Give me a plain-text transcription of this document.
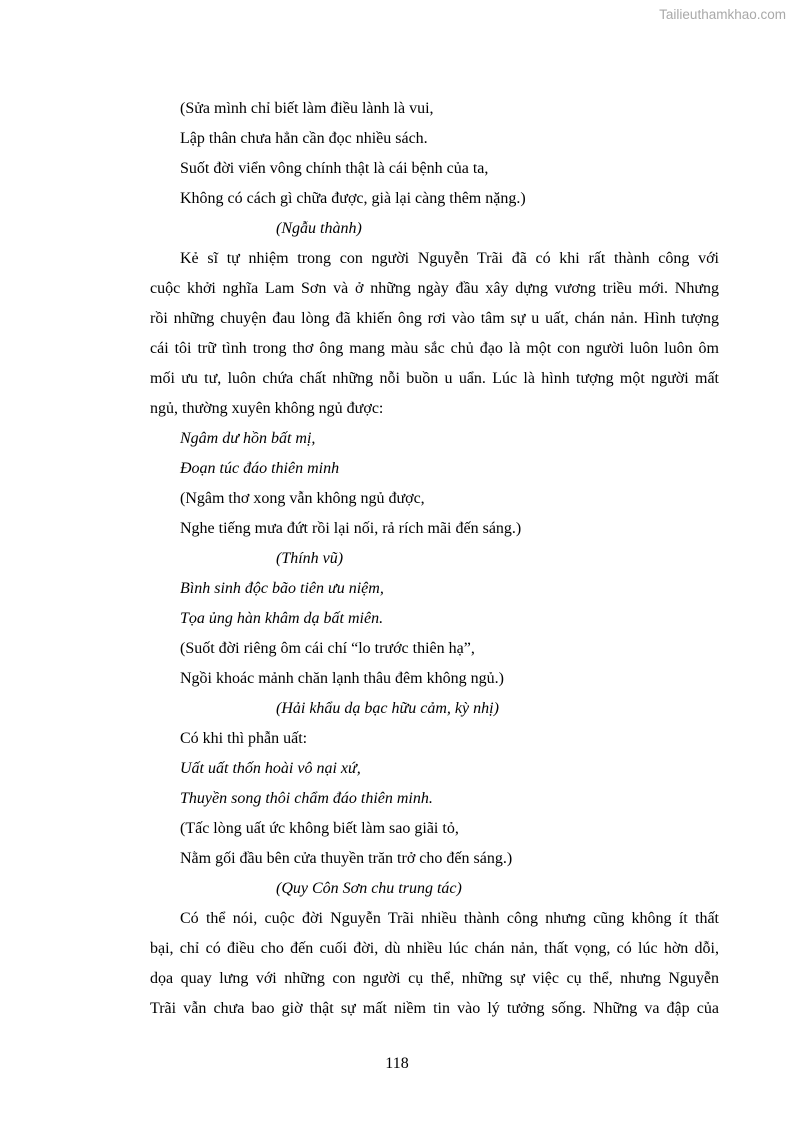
Tailieuthamkhao.com
(Sửa mình chỉ biết làm điều lành là vui,
Lập thân chưa hẳn cần đọc nhiều sách.
Suốt đời viển vông chính thật là cái bệnh của ta,
Không có cách gì chữa được, già lại càng thêm nặng.)
(Ngẫu thành)
Kẻ sĩ tự nhiệm trong con người Nguyễn Trãi đã có khi rất thành công với
cuộc khởi nghĩa Lam Sơn và ở những ngày đầu xây dựng vương triều mới. Nhưng
rồi những chuyện đau lòng đã khiến ông rơi vào tâm sự u uất, chán nản. Hình tượng
cái tôi trữ tình trong thơ ông mang màu sắc chủ đạo là một con người luôn luôn ôm
mối ưu tư, luôn chứa chất những nỗi buồn u uẩn. Lúc là hình tượng một người mất
ngủ, thường xuyên không ngủ được:
Ngâm dư hồn bất mị,
Đoạn túc đáo thiên minh
(Ngâm thơ xong vẫn không ngủ được,
Nghe tiếng mưa đứt rồi lại nối, rả rích mãi đến sáng.)
(Thính vũ)
Bình sinh độc bão tiên ưu niệm,
Tọa ủng hàn khâm dạ bất miên.
(Suốt đời riêng ôm cái chí “lo trước thiên hạ”,
Ngồi khoác mảnh chăn lạnh thâu đêm không ngủ.)
(Hải khẩu dạ bạc hữu cảm, kỳ nhị)
Có khi thì phẫn uất:
Uất uất thốn hoài vô nại xứ,
Thuyền song thôi chẩm đáo thiên minh.
(Tấc lòng uất ức không biết làm sao giãi tỏ,
Nằm gối đầu bên cửa thuyền trăn trở cho đến sáng.)
(Quy Côn Sơn chu trung tác)
Có thể nói, cuộc đời Nguyễn Trãi nhiều thành công nhưng cũng không ít thất
bại, chỉ có điều cho đến cuối đời, dù nhiều lúc chán nản, thất vọng, có lúc hờn dỗi,
dọa quay lưng với những con người cụ thể, những sự việc cụ thể, nhưng Nguyễn
Trãi vẫn chưa bao giờ thật sự mất niềm tin vào lý tưởng sống. Những va đập của
118
